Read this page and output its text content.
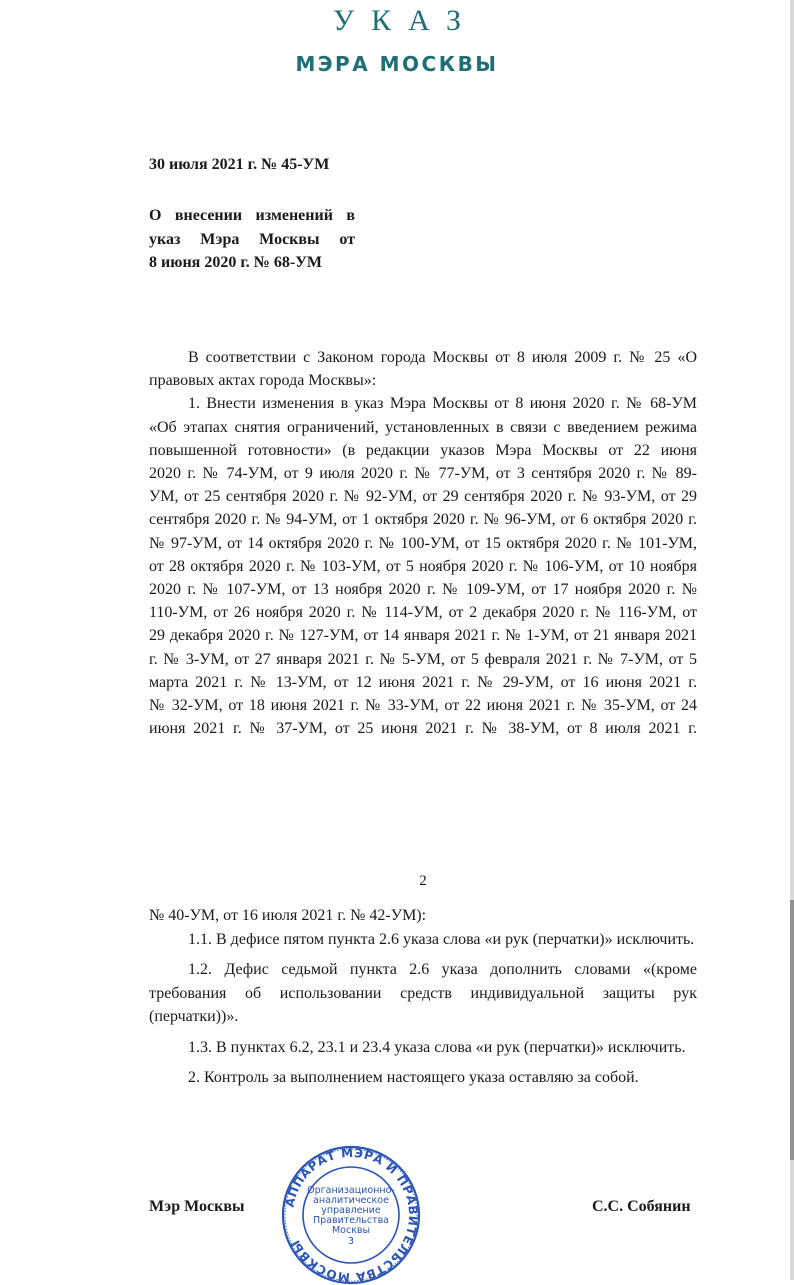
УКАЗ
МЭРА МОСКВЫ
30 июля 2021 г. № 45-УМ
О внесении изменений в
указ Мэра Москвы от
8 июня 2020 г. № 68-УМ
В соответствии с Законом города Москвы от 8 июля 2009 г. № 25 «О
правовых актах города Москвы»:
1. Внести изменения в указ Мэра Москвы от 8 июня 2020 г. № 68-УМ
«Об этапах снятия ограничений, установленных в связи с введением режима
повышенной готовности» (в редакции указов Мэра Москвы от 22 июня
2020 г. № 74-УМ, от 9 июля 2020 г. № 77-УМ, от 3 сентября 2020 г. № 89-
УМ, от 25 сентября 2020 г. № 92-УМ, от 29 сентября 2020 г. № 93-УМ, от 29
сентября 2020 г. № 94-УМ, от 1 октября 2020 г. № 96-УМ, от 6 октября 2020 г.
№ 97-УМ, от 14 октября 2020 г. № 100-УМ, от 15 октября 2020 г. № 101-УМ,
от 28 октября 2020 г. № 103-УМ, от 5 ноября 2020 г. № 106-УМ, от 10 ноября
2020 г. № 107-УМ, от 13 ноября 2020 г. № 109-УМ, от 17 ноября 2020 г. №
110-УМ, от 26 ноября 2020 г. № 114-УМ, от 2 декабря 2020 г. № 116-УМ, от
29 декабря 2020 г. № 127-УМ, от 14 января 2021 г. № 1-УМ, от 21 января 2021
г. № 3-УМ, от 27 января 2021 г. № 5-УМ, от 5 февраля 2021 г. № 7-УМ, от 5
марта 2021 г. № 13-УМ, от 12 июня 2021 г. № 29-УМ, от 16 июня 2021 г.
№ 32-УМ, от 18 июня 2021 г. № 33-УМ, от 22 июня 2021 г. № 35-УМ, от 24
июня 2021 г. № 37-УМ, от 25 июня 2021 г. № 38-УМ, от 8 июля 2021 г.
2
№ 40-УМ, от 16 июля 2021 г. № 42-УМ):
1.1. В дефисе пятом пункта 2.6 указа слова «и рук (перчатки)» исключить.
1.2. Дефис седьмой пункта 2.6 указа дополнить словами «(кроме требования об использовании средств индивидуальной защиты рук (перчатки))».
1.3. В пунктах 6.2, 23.1 и 23.4 указа слова «и рук (перчатки)» исключить.
2. Контроль за выполнением настоящего указа оставляю за собой.
АППАРАТ МЭРА И ПРАВИТЕЛЬСТВА МОСКВЫ
Организационно-
аналитическое
управление
Правительства
Москвы
3
Мэр Москвы	С.С. Собянин
